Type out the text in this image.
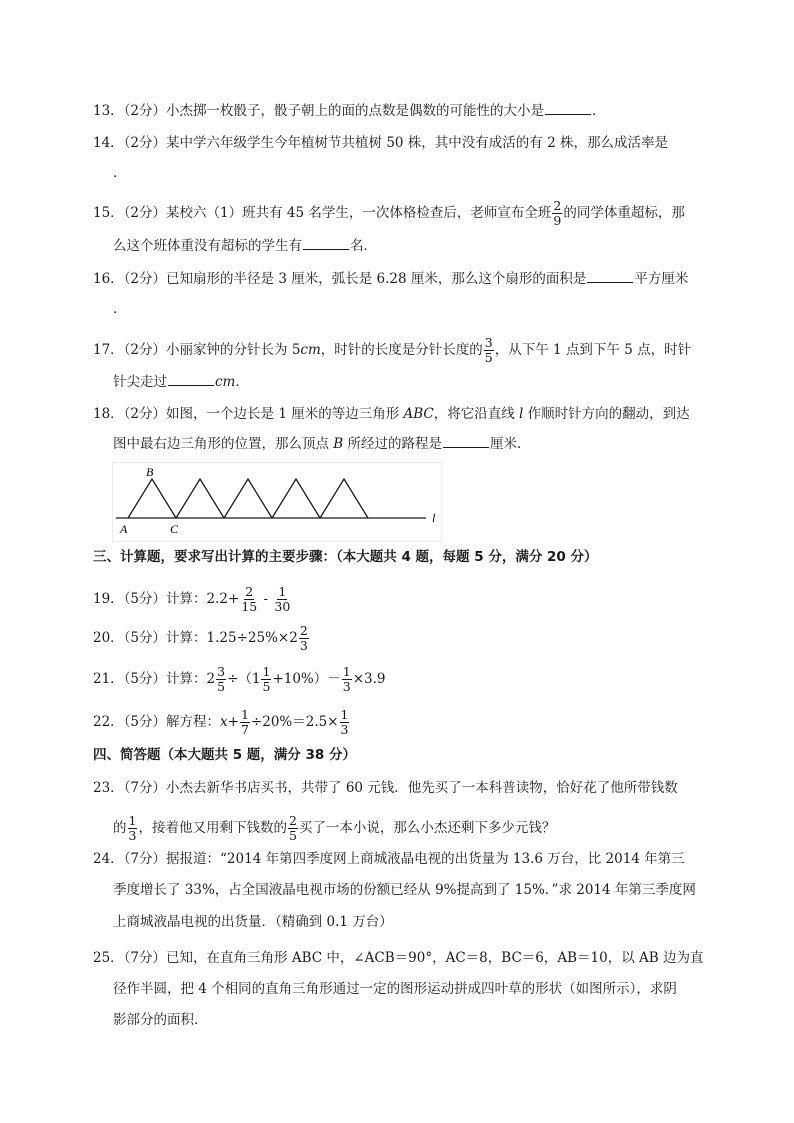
13．（2分）小杰掷一枚骰子，骰子朝上的面的点数是偶数的可能性的大小是	．
14．（2分）某中学六年级学生今年植树节共植树 50 株，其中没有成活的有 2 株，那么成活率是
．
15．（2分）某校六（1）班共有 45 名学生，一次体格检查后，老师宣布全班 $\frac{2}{9}$ 的同学体重超标，那
么这个班体重没有超标的学生有	名．
16．（2分）已知扇形的半径是 3 厘米，弧长是 6.28 厘米，那么这个扇形的面积是	平方厘米
．
17．（2分）小丽家钟的分针长为 5cm，时针的长度是分针长度的 $\frac{3}{5}$ ，从下午 1 点到下午 5 点，时针
针尖走过	cm．
18．（2分）如图，一个边长是 1 厘米的等边三角形 ABC，将它沿直线 l 作顺时针方向的翻动，到达
图中最右边三角形的位置，那么顶点 B 所经过的路程是	厘米．
B
A	C
l
三、计算题，要求写出计算的主要步骤：（本大题共 4 题，每题 5 分，满分 20 分）
19．（5分）计算：$2.2+ \frac{2}{15} - \frac{1}{30}$
20．（5分）计算：$1.25\div 25\%\times 2 \frac{2}{3}$
21．（5分）计算：$2 \frac{3}{5} \div(1 \frac{1}{5} +10\%)- \frac{1}{3} \times 3.9$
22．（5分）解方程：$x+ \frac{1}{7} \div 20\%=2.5\times \frac{1}{3}$
四、简答题（本大题共 5 题，满分 38 分）
23．（7分）小杰去新华书店买书，共带了 60 元钱．他先买了一本科普读物，恰好花了他所带钱数
的 $\frac{1}{3}$ ，接着他又用剩下钱数的 $\frac{2}{5}$ 买了一本小说，那么小杰还剩下多少元钱？
24．（7分）据报道：“2014 年第四季度网上商城液晶电视的出货量为 13.6 万台，比 2014 年第三
季度增长了 33%，占全国液晶电视市场的份额已经从 9%提高到了 15%．”求 2014 年第三季度网
上商城液晶电视的出货量．（精确到 0.1 万台）
25．（7分）已知，在直角三角形 ABC 中，∠ACB＝90°，AC＝8，BC＝6，AB＝10，以 AB 边为直
径作半圆，把 4 个相同的直角三角形通过一定的图形运动拼成四叶草的形状（如图所示），求阴
影部分的面积．
